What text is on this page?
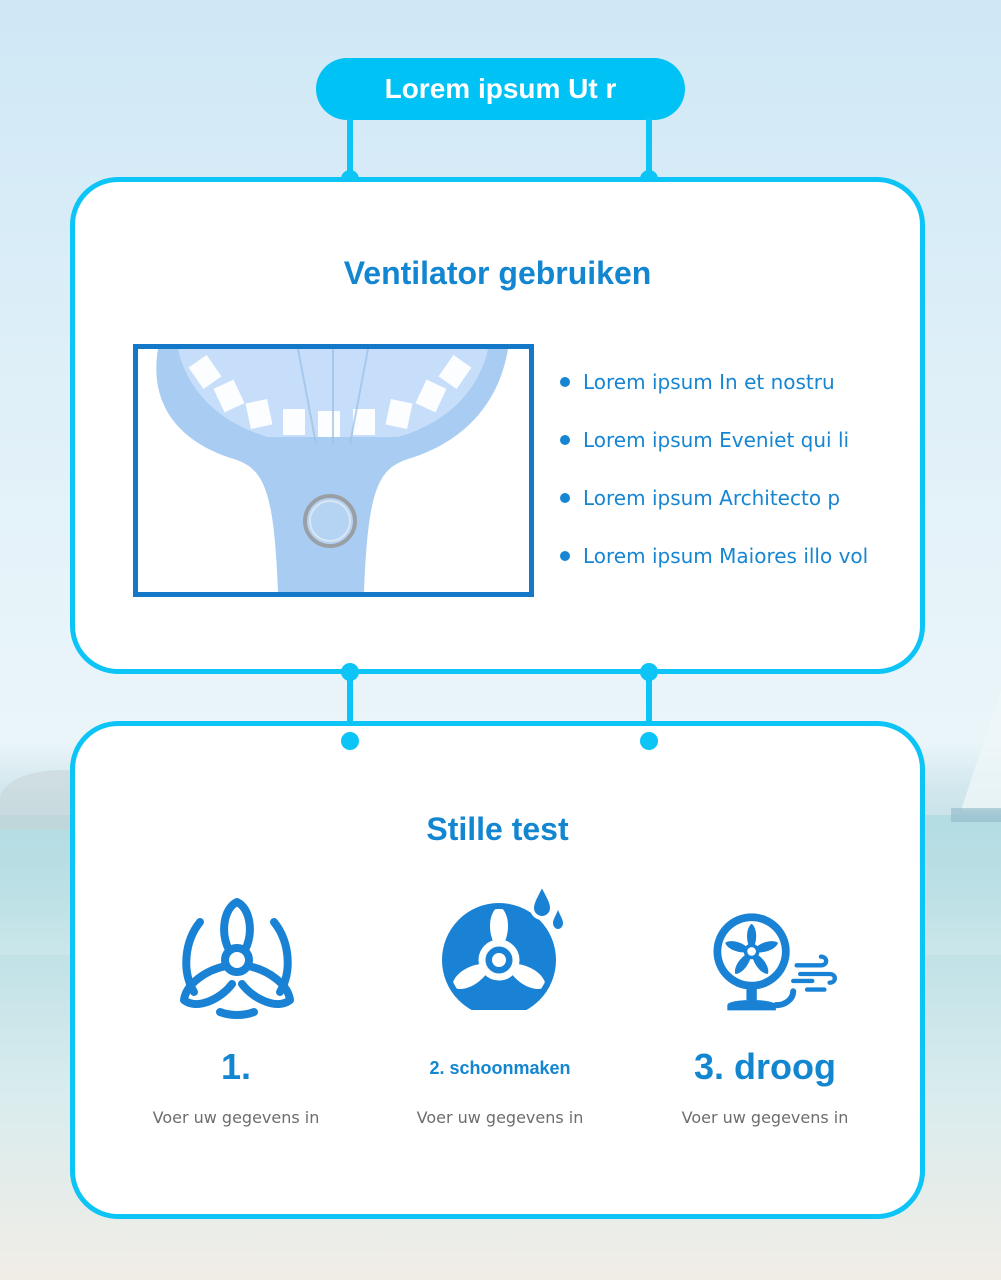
Lorem ipsum Ut r
Ventilator gebruiken
Lorem ipsum In et nostru
Lorem ipsum Eveniet qui li
Lorem ipsum Architecto p
Lorem ipsum Maiores illo vol
Stille test
1.	2. schoonmaken	3. droog
Voer uw gegevens in	Voer uw gegevens in	Voer uw gegevens in
